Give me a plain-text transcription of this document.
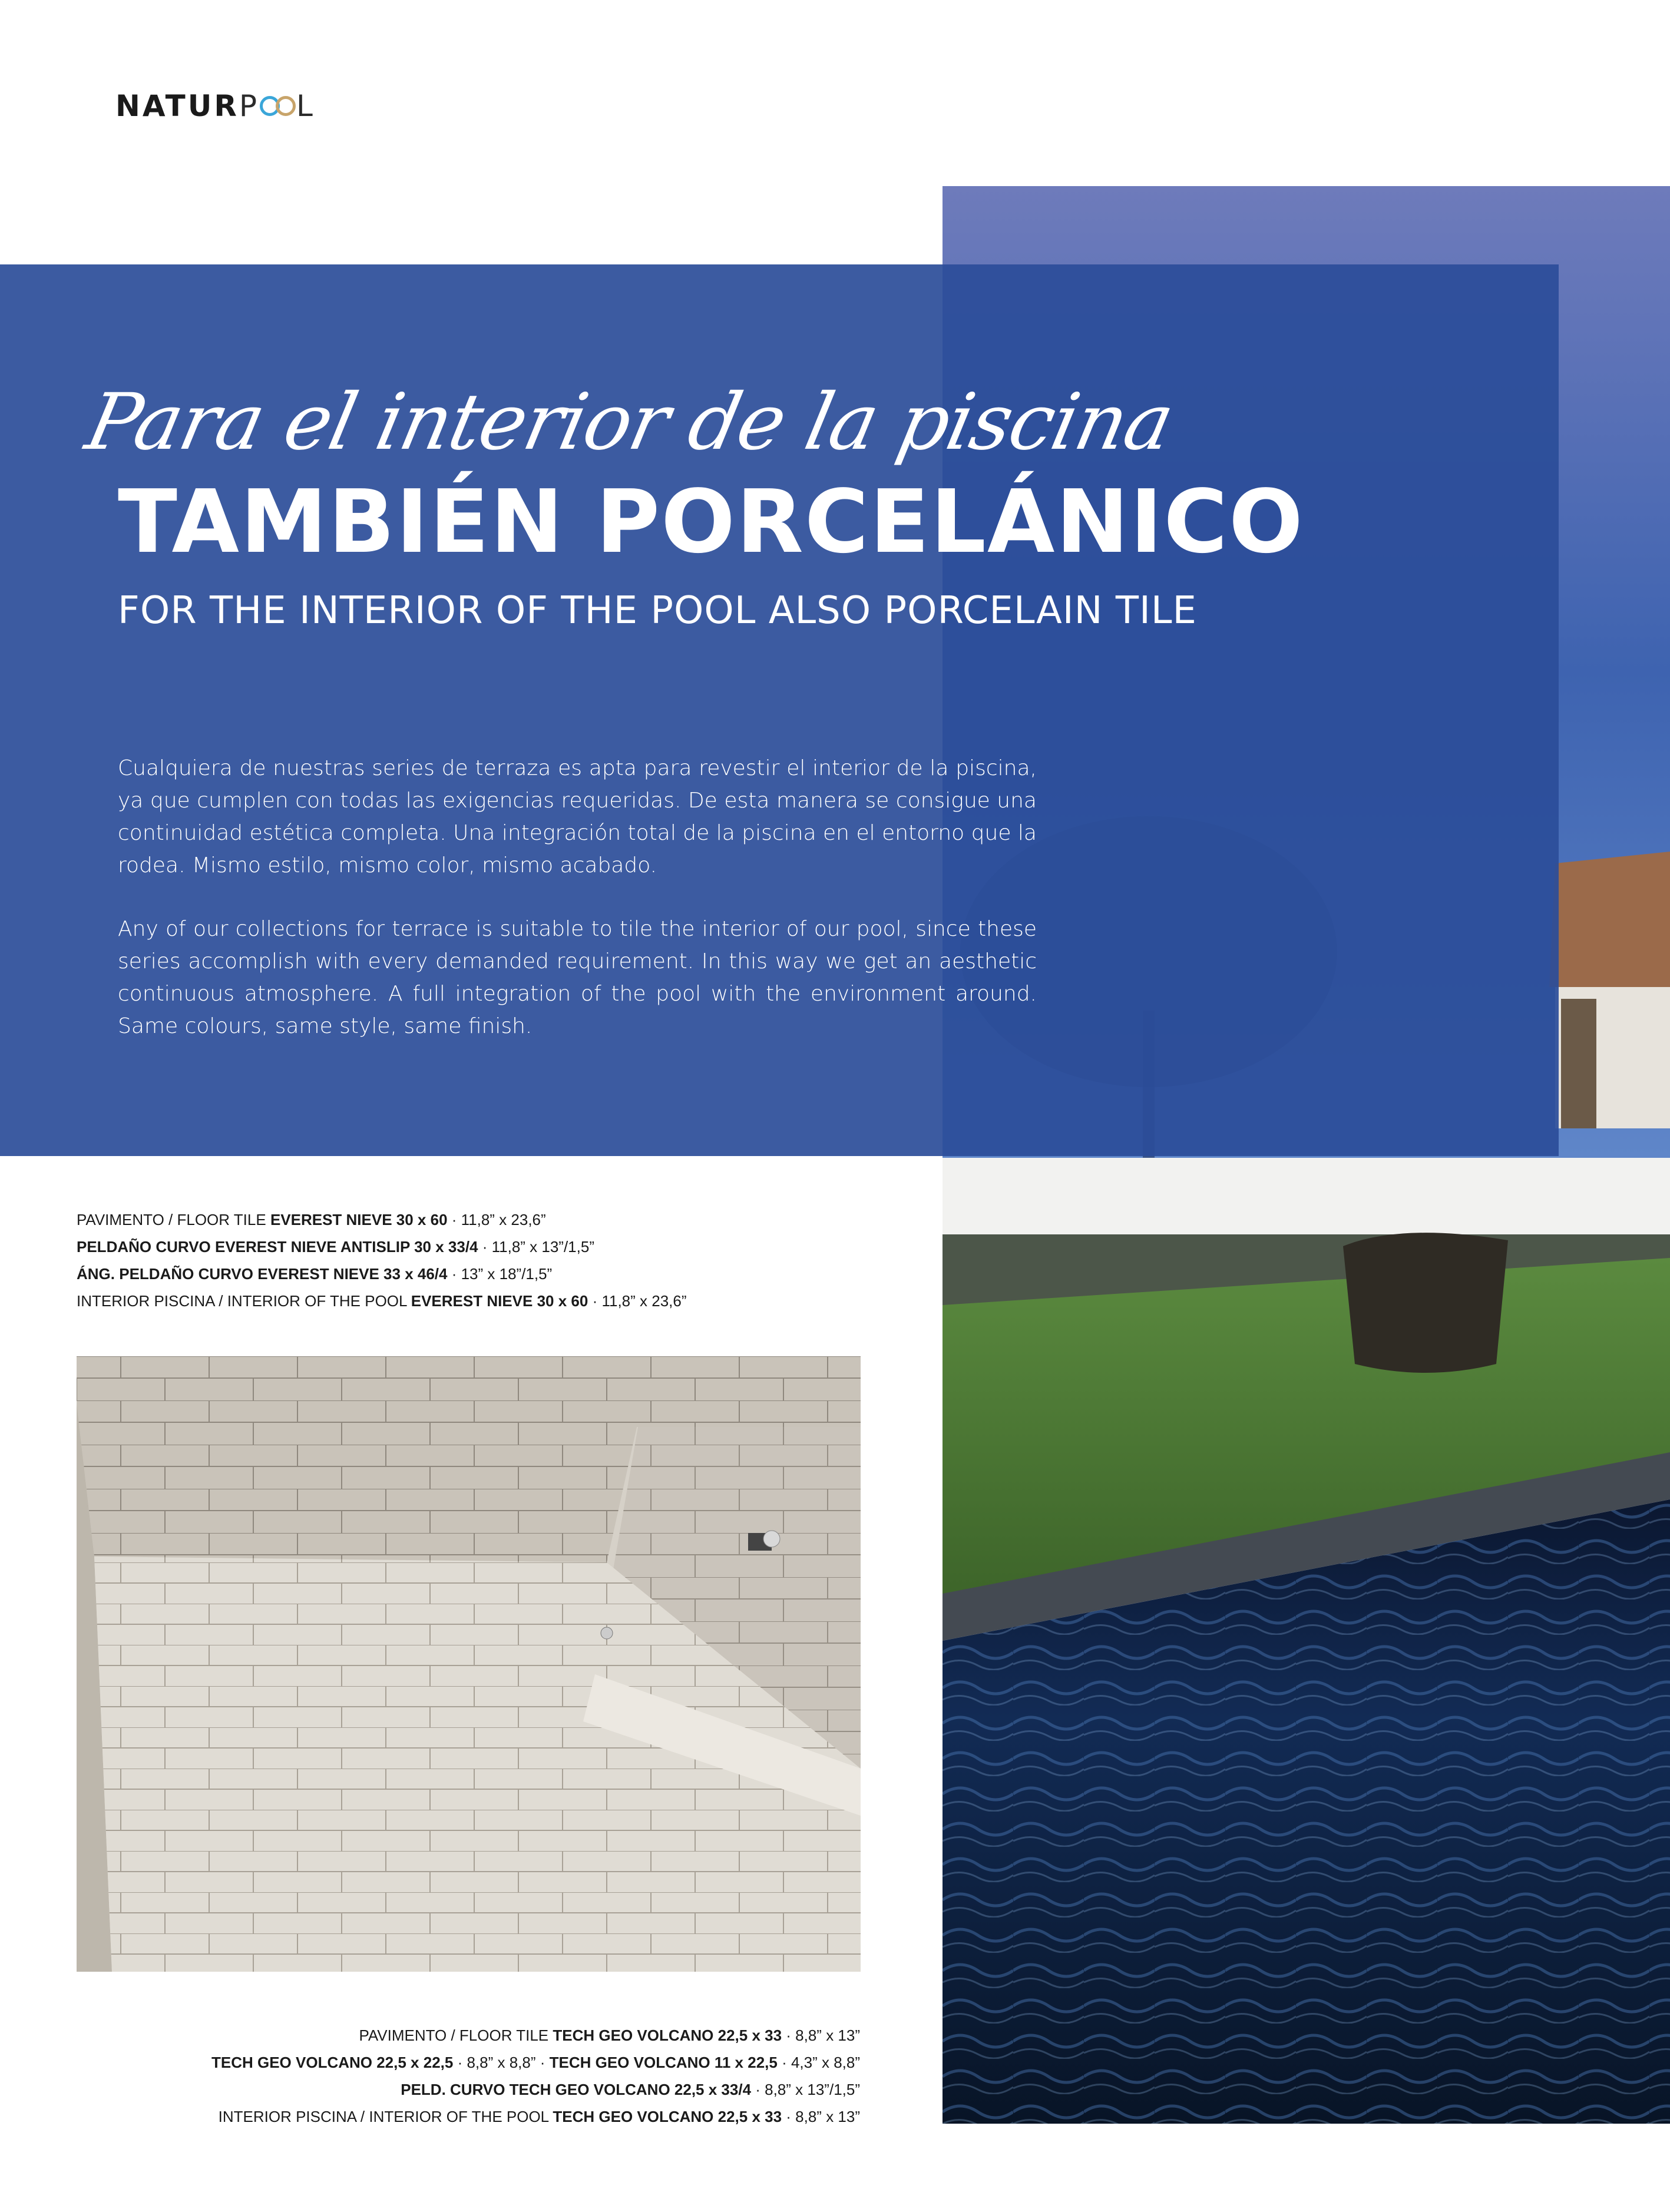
NATUR P L
Para el interior de la piscina
TAMBIÉN PORCELÁNICO
FOR THE INTERIOR OF THE POOL ALSO PORCELAIN TILE
Cualquiera de nuestras series de terraza es apta para revestir el interior de la piscina, ya que cumplen con todas las exigencias requeridas. De esta manera se consigue una continuidad estética completa. Una integración total de la piscina en el entorno que la rodea. Mismo estilo, mismo color, mismo acabado.
Any of our collections for terrace is suitable to tile the interior of our pool, since these series accomplish with every demanded requirement. In this way we get an aesthetic continuous atmosphere. A full integration of the pool with the environment around. Same colours, same style, same finish.
PAVIMENTO / FLOOR TILE EVEREST NIEVE 30 x 60 · 11,8” x 23,6”
PELDAÑO CURVO EVEREST NIEVE ANTISLIP 30 x 33/4 · 11,8” x 13”/1,5”
ÁNG. PELDAÑO CURVO EVEREST NIEVE 33 x 46/4 · 13” x 18”/1,5”
INTERIOR PISCINA / INTERIOR OF THE POOL EVEREST NIEVE 30 x 60 · 11,8” x 23,6”
PAVIMENTO / FLOOR TILE TECH GEO VOLCANO 22,5 x 33 · 8,8” x 13”
TECH GEO VOLCANO 22,5 x 22,5 · 8,8” x 8,8” · TECH GEO VOLCANO 11 x 22,5 · 4,3” x 8,8”
PELD. CURVO TECH GEO VOLCANO 22,5 x 33/4 · 8,8” x 13”/1,5”
INTERIOR PISCINA / INTERIOR OF THE POOL TECH GEO VOLCANO 22,5 x 33 · 8,8” x 13”
